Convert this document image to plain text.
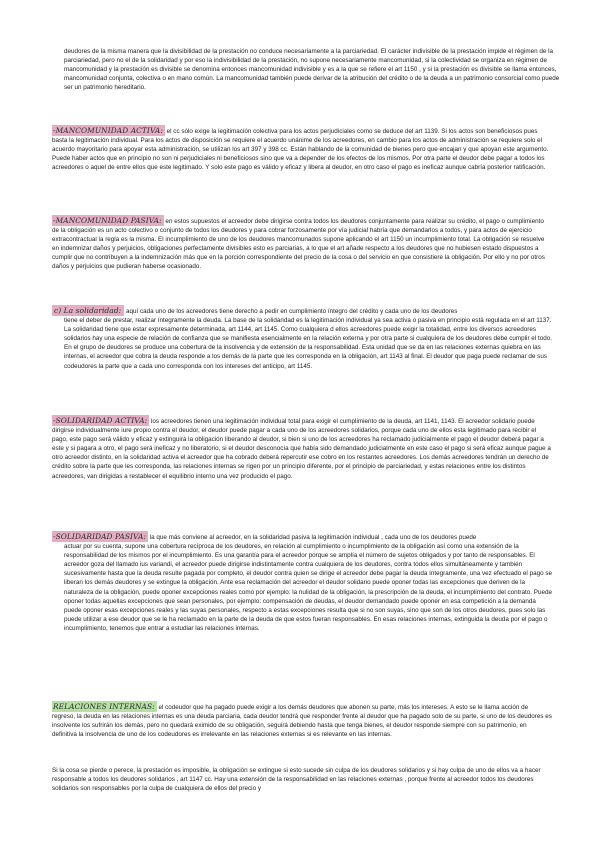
deudores de la misma manera que la divisibilidad de la prestación no conduce necesariamente a la parciariedad. El carácter indivisible de la prestación impide el régimen de la parciariedad, pero no el de la solidaridad y por eso la indivisibilidad de la prestación, no supone necesariamente mancomunidad, si la colectividad se organiza en régimen de mancomunidad y la prestación es divisible se denomina entonces mancomunidad indivisible y es a la que se refiere el art 1150 , y si la prestación es divisible se llama entonces, mancomunidad conjunta, colectiva o en mano común. La mancomunidad también puede derivar de la atribución del crédito o de la deuda a un patrimonio consorcial como puede ser un patrimonio hereditario.

-MANCOMUNIDAD ACTIVA: el cc sólo exige la legitimación colectiva para los actos perjudiciales como se deduce del art 1139. Si los actos son beneficiosos pues basta la legitimación individual. Para los actos de disposición se requiere el acuerdo unánime de los acreedores, en cambio para los actos de administración se requiere solo el acuerdo mayoritario para apoyar esta administración, se utilizan los art 397 y 398 cc. Están hablando de la comunidad de bienes pero que encajan y que apoyan este argumento. Puede haber actos que en principio no son ni perjudiciales ni beneficiosos sino que va a depender de los efectos de los mismos. Por otra parte el deudor debe pagar a todos los acreedores o aquel de entre ellos que este legitimado. Y solo este pago es válido y eficaz y libera al deudor, en otro caso el pago es ineficaz aunque cabría posterior ratificación.

-MANCOMUNIDAD PASIVA: en estos supuestos el acreedor debe dirigirse contra todos los deudores conjuntamente para realizar su crédito, el pago o cumplimiento de la obligación es un acto colectivo o conjunto de todos los deudores y para cobrar forzosamente por vía judicial habría que demandarlos a todos, y para actos de ejercicio extracontractual la regla es la misma. El incumplimiento de uno de los deudores mancomunados supone aplicando el art 1150 un incumplimiento total. La obligación se resuelve en indemnizar daños y perjuicios, obligaciones perfectamente divisibles esto es parciarias, a lo que el art añade respecto a los deudores que no hubiesen estado dispuestos a cumplir que no contribuyen a la indemnización más que en la porción correspondiente del precio de la cosa o del servicio en que consistiere la obligación. Por ello y no por otros daños y perjuicios que pudieran haberse ocasionado.

c) La solidaridad: aquí cada uno de los acreedores tiene derecho a pedir en cumplimiento íntegro del crédito y cada uno de los deudores

tiene el deber de prestar, realizar íntegramente la deuda. La base de la solidaridad es la legitimación individual ya sea activa o pasiva en principio está regulada en el art 1137. La solidaridad tiene que estar expresamente determinada, art 1144, art 1145. Como cualquiera d ellos acreedores puede exigir la totalidad, entre los diversos acreedores solidarios hay una especie de relación de confianza que se manifiesta esencialmente en la relación externa y por otra parte si cualquiera de los deudores debe cumplir el todo. En el grupo de deudores se produce una cobertura de la insolvencia y de extensión de la responsabilidad. Esta unidad que se da en las relaciones externas quiebra en las internas, el acreedor que cobra la deuda responde a los demás de la parte que les corresponda en la obligación, art 1143 al final. El deudor que paga puede reclamar de sus codeudores la parte que a cada uno corresponda con los intereses del anticipo, art 1145.

-SOLIDARIDAD ACTIVA: los acreedores tienen una legitimación individual total para exigir el cumplimiento de la deuda, art 1141, 1143. El acreedor solidario puede dirigirse individualmente iure propio contra el deudor, el deudor puede pagar a cada uno de los acreedores solidarios, porque cada uno de ellos esta legitimado para recibir el pago, este pago será válido y eficaz y extinguirá la obligación liberando al deudor, si bien si uno de los acreedores ha reclamado judicialmente el pago el deudor deberá pagar a este y si pagara a otro, el pago será ineficaz y no liberatorio, si el deudor desconocía que había sido demandado judicialmente en este caso el pago si será eficaz aunque pague a otro acreedor distinto, en la solidaridad activa el acreedor que ha cobrado deberá repercutir ese cobro en los restantes acreedores. Los demás acreedores tendrán un derecho de crédito sobre la parte que les corresponda, las relaciones internas se rigen por un principio diferente, por el principio de parciariedad, y estas relaciones entre los distintos acreedores, van dirigidas a restablecer el equilibrio interno una vez producido el pago.

-SOLIDARIDAD PASIVA: la que más conviene al acreedor, en la solidaridad pasiva la legitimación individual , cada uno de los deudores puede

actuar por su cuenta, supone una cobertura recíproca de los deudores, en relación al cumplimiento o incumplimiento de la obligación así como una extensión de la responsabilidad de los mismos por el incumplimiento. Es una garantía para el acreedor porque se amplía el número de sujetos obligados y por tanto de responsables. El acreedor goza del llamado ius variandi, el acreedor puede dirigirse indistintamente contra cualquiera de los deudores, contra todos ellos simultáneamente y también sucesivamente hasta que la deuda resulte pagada por completo, el deudor contra quien se dirige el acreedor debe pagar la deuda íntegramente, una vez efectuado el pago se liberan los demás deudores y se extingue la obligación. Ante esa reclamación del acreedor el deudor solidario puede oponer todas las excepciones que deriven de la naturaleza de la obligación, puede oponer excepciones reales como por ejemplo: la nulidad de la obligación, la prescripción de la deuda, el incumplimiento del contrato. Puede oponer todas aquellas excepciones que sean personales, por ejemplo: compensación de deudas, el deudor demandado puede oponer en esa competición a la demanda puede oponer esas excepciones reales y las suyas personales, respecto a estas excepciones resulta que si no son suyas, sino que son de los otros deudores, pues solo las puede utilizar a ese deudor que se le ha reclamado en la parte de la deuda de que estos fueran responsables. En esas relaciones internas, extinguida la deuda por el pago o incumplimiento, tenemos que entrar a estudiar las relaciones internas.

RELACIONES INTERNAS: el codeudor que ha pagado puede exigir a los demás deudores que abonen su parte, más los intereses. A esto se le llama acción de regreso, la deuda en las relaciones internas es una deuda parciaria, cada deudor tendrá que responder frente al deudor que ha pagado solo de su parte, si uno de los deudores es insolvente los sufrirán los demás, pero no quedará eximido de su obligación, seguirá debiendo hasta que tenga bienes, el deudor responde siempre con su patrimonio, en definitiva la insolvencia de uno de los codeudores es irrelevante en las relaciones externas si es relevante en las internas.

Si la cosa se pierde o perece, la prestación es imposible, la obligación se extingue si esto sucede sin culpa de los deudores solidarios y si hay culpa de uno de ellos va a hacer responsable a todos los deudores solidarios , art 1147 cc. Hay una extensión de la responsabilidad en las relaciones externas , porque frente al acreedor todos los deudores solidarios son responsables por la culpa de cualquiera de ellos del precio y
